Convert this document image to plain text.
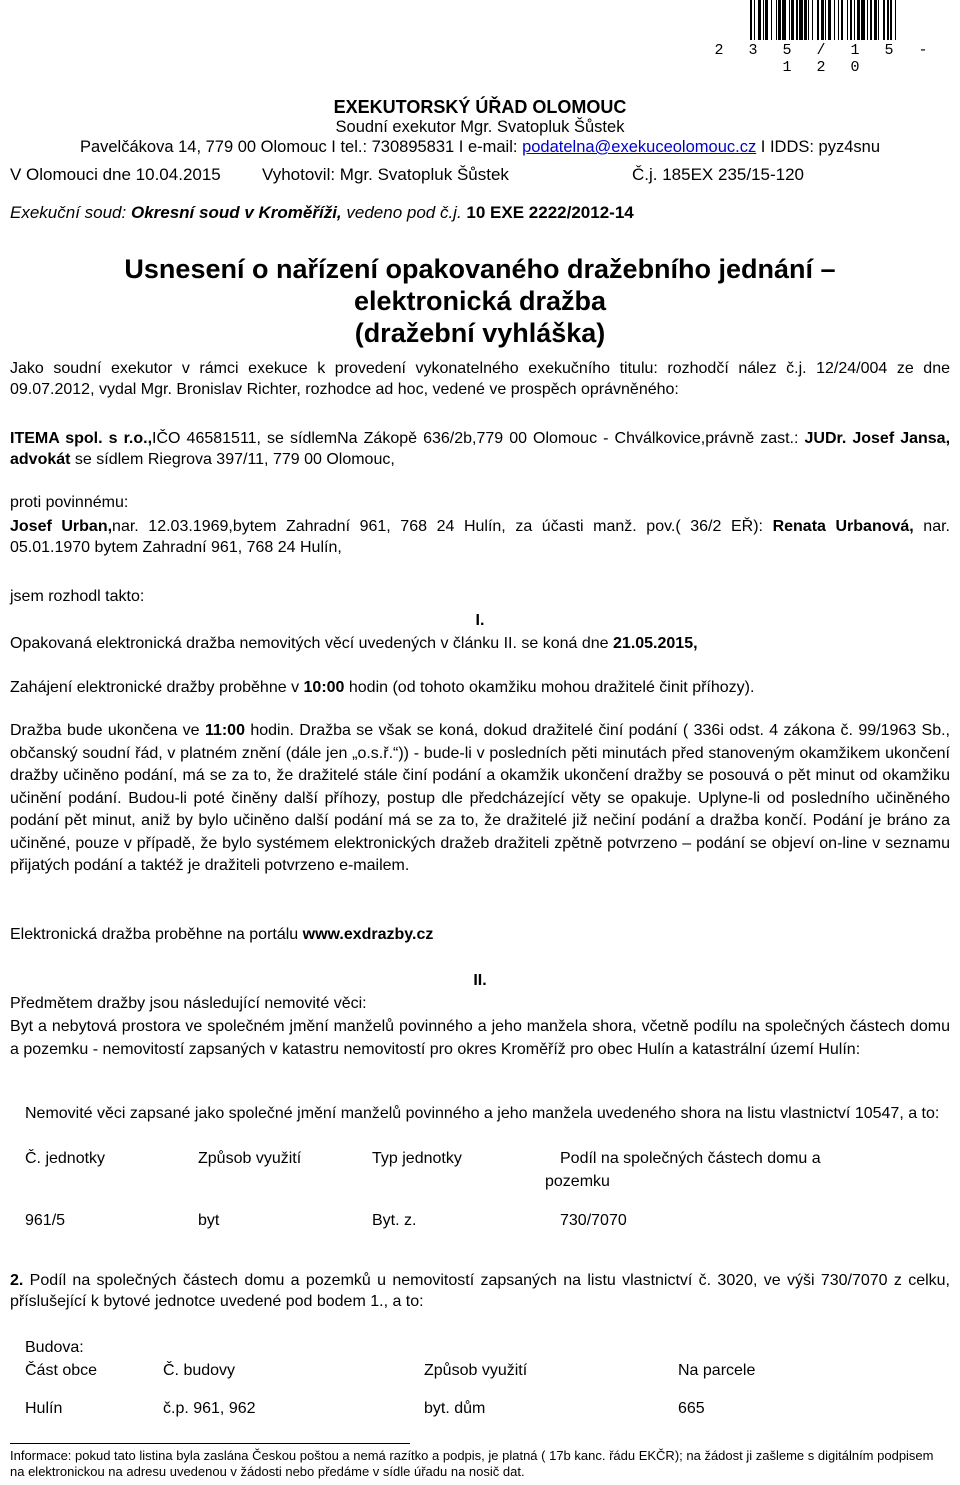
2 3 5 / 1 5 - 1 2 0
EXEKUTORSKÝ ÚŘAD OLOMOUC
Soudní exekutor Mgr. Svatopluk Šůstek
Pavelčákova 14, 779 00 Olomouc I tel.: 730895831 I e-mail: podatelna@exekuceolomouc.cz I IDDS: pyz4snu
V Olomouci dne 10.04.2015 Vyhotovil: Mgr. Svatopluk Šůstek	Č.j. 185EX 235/15-120
Exekuční soud: Okresní soud v Kroměříži, vedeno pod č.j. 10 EXE 2222/2012-14
Usnesení o nařízení opakovaného dražebního jednání –
elektronická dražba
(dražební vyhláška)
Jako soudní exekutor v rámci exekuce k provedení vykonatelného exekučního titulu: rozhodčí nález č.j. 12/24/004 ze dne 09.07.2012, vydal Mgr. Bronislav Richter, rozhodce ad hoc, vedené ve prospěch oprávněného:
ITEMA spol. s r.o.,IČO 46581511, se sídlemNa Zákopě 636/2b,779 00 Olomouc - Chválkovice,právně zast.: JUDr. Josef Jansa, advokát se sídlem Riegrova 397/11, 779 00 Olomouc,
proti povinnému:
Josef Urban,nar. 12.03.1969,bytem Zahradní 961, 768 24 Hulín, za účasti manž. pov.( 36/2 EŘ): Renata Urbanová, nar. 05.01.1970 bytem Zahradní 961, 768 24 Hulín,
jsem rozhodl takto:
I.
Opakovaná elektronická dražba nemovitých věcí uvedených v článku II. se koná dne 21.05.2015,
Zahájení elektronické dražby proběhne v 10:00 hodin (od tohoto okamžiku mohou dražitelé činit příhozy).
Dražba bude ukončena ve 11:00 hodin. Dražba se však se koná, dokud dražitelé činí podání ( 336i odst. 4 zákona č. 99/1963 Sb., občanský soudní řád, v platném znění (dále jen „o.s.ř.“)) - bude-li v posledních pěti minutách před stanoveným okamžikem ukončení dražby učiněno podání, má se za to, že dražitelé stále činí podání a okamžik ukončení dražby se posouvá o pět minut od okamžiku učinění podání. Budou-li poté činěny další příhozy, postup dle předcházející věty se opakuje. Uplyne-li od posledního učiněného podání pět minut, aniž by bylo učiněno další podání má se za to, že dražitelé již nečiní podání a dražba končí. Podání je bráno za učiněné, pouze v případě, že bylo systémem elektronických dražeb dražiteli zpětně potvrzeno – podání se objeví on-line v seznamu přijatých podání a taktéž je dražiteli potvrzeno e-mailem.
Elektronická dražba proběhne na portálu www.exdrazby.cz
II.
Předmětem dražby jsou následující nemovité věci:
Byt a nebytová prostora ve společném jmění manželů povinného a jeho manžela shora, včetně podílu na společných částech domu a pozemku - nemovitostí zapsaných v katastru nemovitostí pro okres Kroměříž pro obec Hulín a katastrální území Hulín:
Nemovité věci zapsané jako společné jmění manželů povinného a jeho manžela uvedeného shora na listu vlastnictví 10547, a to:
Č. jednotky	Způsob využití	Typ jednotky	Podíl na společných částech domu a
pozemku
961/5	byt	Byt. z.	730/7070
2. Podíl na společných částech domu a pozemků u nemovitostí zapsaných na listu vlastnictví č. 3020, ve výši 730/7070 z celku, příslušející k bytové jednotce uvedené pod bodem 1., a to:
Budova:
Část obce	Č. budovy	Způsob využití	Na parcele
Hulín	č.p. 961, 962	byt. dům	665
Informace: pokud tato listina byla zaslána Českou poštou a nemá razítko a podpis, je platná ( 17b kanc. řádu EKČR); na žádost ji zašleme s digitálním podpisem na elektronickou na adresu uvedenou v žádosti nebo předáme v sídle úřadu na nosič dat.
